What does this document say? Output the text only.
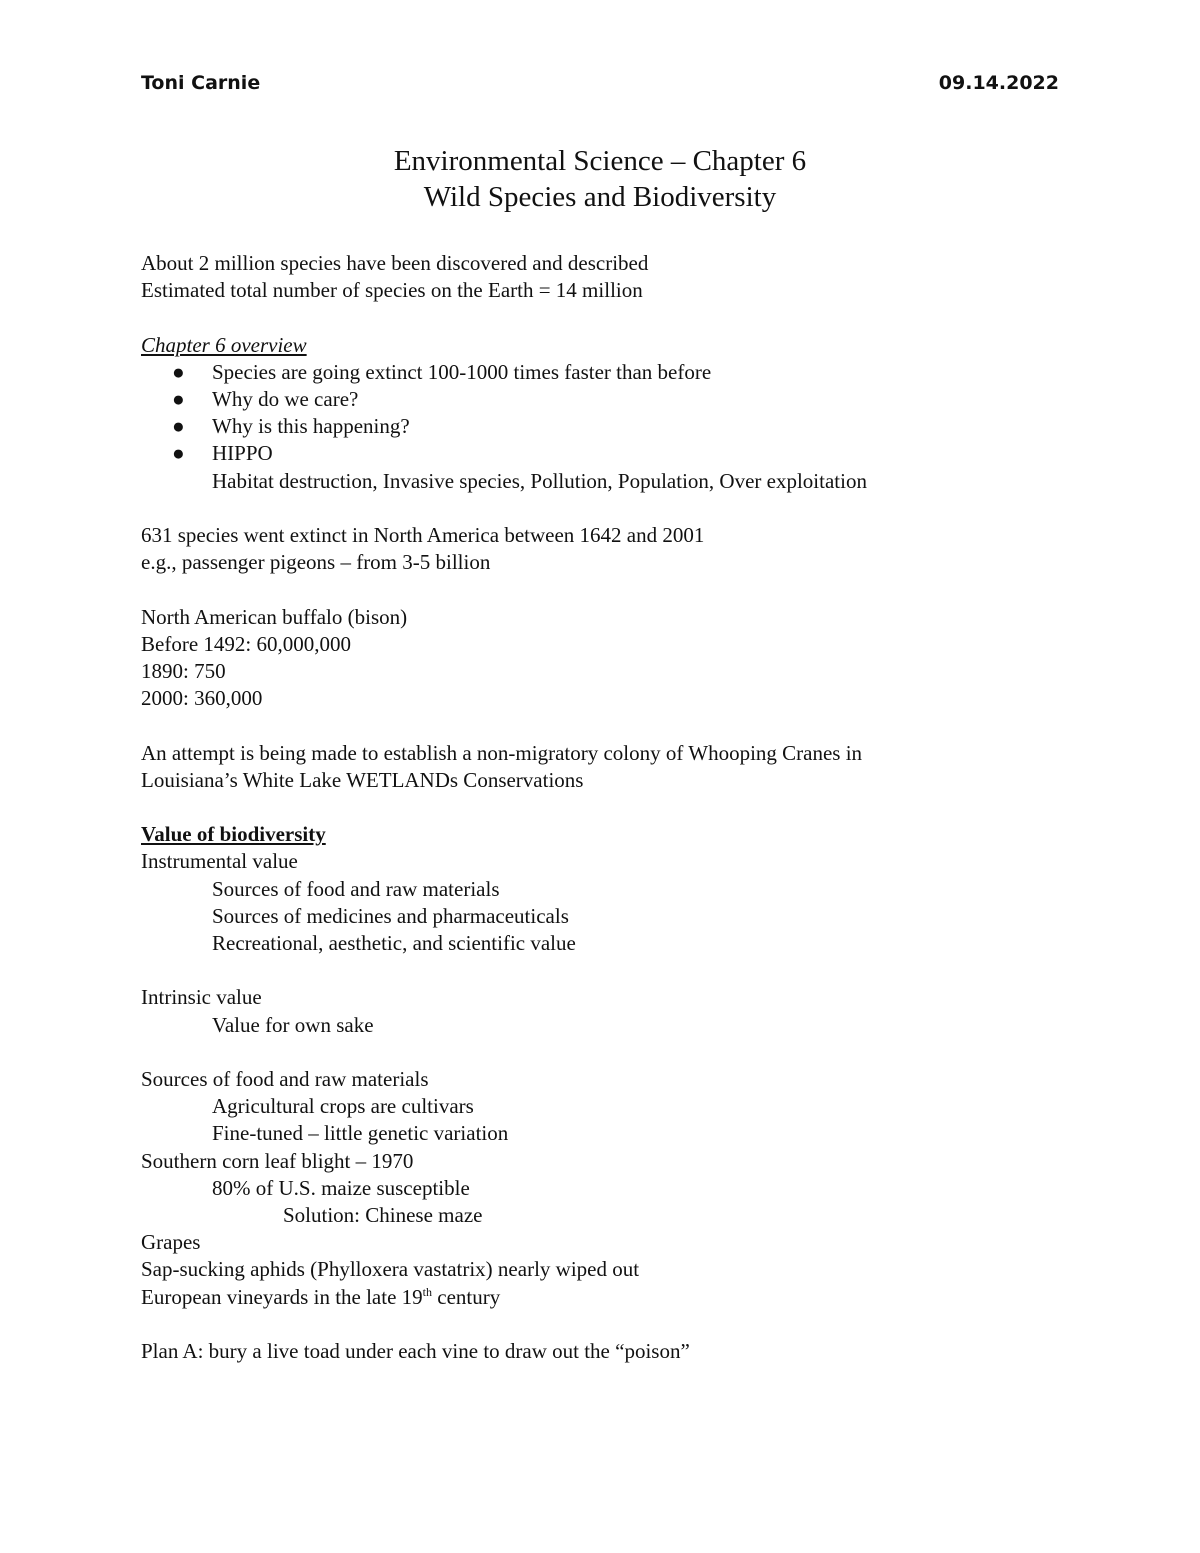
Toni Carnie	09.14.2022
Environmental Science – Chapter 6
Wild Species and Biodiversity
About 2 million species have been discovered and described
Estimated total number of species on the Earth = 14 million
Chapter 6 overview
●	Species are going extinct 100-1000 times faster than before
●	Why do we care?
●	Why is this happening?
●	HIPPO
Habitat destruction, Invasive species, Pollution, Population, Over exploitation
631 species went extinct in North America between 1642 and 2001
e.g., passenger pigeons – from 3-5 billion
North American buffalo (bison)
Before 1492: 60,000,000
1890: 750
2000: 360,000
An attempt is being made to establish a non-migratory colony of Whooping Cranes in
Louisiana’s White Lake WETLANDs Conservations
Value of biodiversity
Instrumental value
Sources of food and raw materials
Sources of medicines and pharmaceuticals
Recreational, aesthetic, and scientific value
Intrinsic value
Value for own sake
Sources of food and raw materials
Agricultural crops are cultivars
Fine-tuned – little genetic variation
Southern corn leaf blight – 1970
80% of U.S. maize susceptible
Solution: Chinese maze
Grapes
Sap-sucking aphids (Phylloxera vastatrix) nearly wiped out
European vineyards in the late 19th century
Plan A: bury a live toad under each vine to draw out the “poison”
